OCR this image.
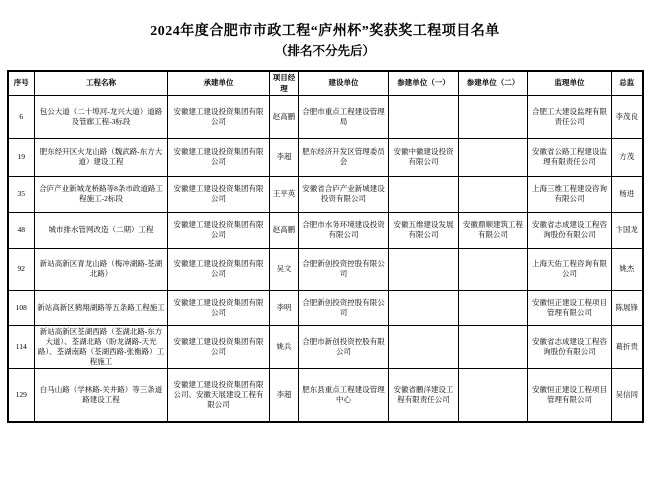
2024年度合肥市市政工程“庐州杯”奖获奖工程项目名单
（排名不分先后）
序号	工程名称	承建单位	项目经理	建设单位	参建单位（一）	参建单位（二）	监理单位	总监
6	包公大道（二十埠河-龙兴大道）道路及管廊工程-3标段	安徽建工建设投资集团有限公司	赵高鹏	合肥市重点工程建设管理局			合肥工大建设监理有限责任公司	李茂良
19	肥东经开区火龙山路（魏武路-东方大道）建设工程	安徽建工建设投资集团有限公司	李超	肥东经济开发区管理委员会	安徽中徽建设投资有限公司		安徽省公路工程建设监理有限责任公司	方茂
35	合庐产业新城龙桥路等8条市政道路工程施工-2标段	安徽建工建设投资集团有限公司	王平英	安徽省合庐产业新城建设投资有限公司			上海三维工程建设咨询有限公司	杨进
48	城市排水管网改造（二期）工程	安徽建工建设投资集团有限公司	赵高鹏	合肥市水务环境建设投资有限公司	安徽五维建设发展有限公司	安徽鼎顺建筑工程有限公司	安徽省志成建设工程咨询股份有限公司	卞国龙
92	新站高新区青龙山路（梅冲湖路-荃湖北路）	安徽建工建设投资集团有限公司	吴文	合肥新创投资控股有限公司			上海天佑工程咨询有限公司	姚杰
108	新站高新区鹤翔湖路等五条路工程施工	安徽建工建设投资集团有限公司	李明	合肥新创投资控股有限公司			安徽恒正建设工程项目管理有限公司	陈展锋
114	新站高新区荃湖西路（荃湖北路-东方大道）、荃湖北路（盼龙湖路-天光路）、荃湖南路（荃湖西路-张衡路）工程施工	安徽建工建设投资集团有限公司	姚兵	合肥市新创投资控股有限公司			安徽省志成建设工程咨询股份有限公司	葛折贵
129	白马山路（学林路-关井路）等三条道路建设工程	安徽建工建设投资集团有限公司、安徽天展建设工程有限公司	李超	肥东县重点工程建设管理中心	安徽省鹏洋建设工程有限责任公司		安徽恒正建设工程项目管理有限公司	吴信同
